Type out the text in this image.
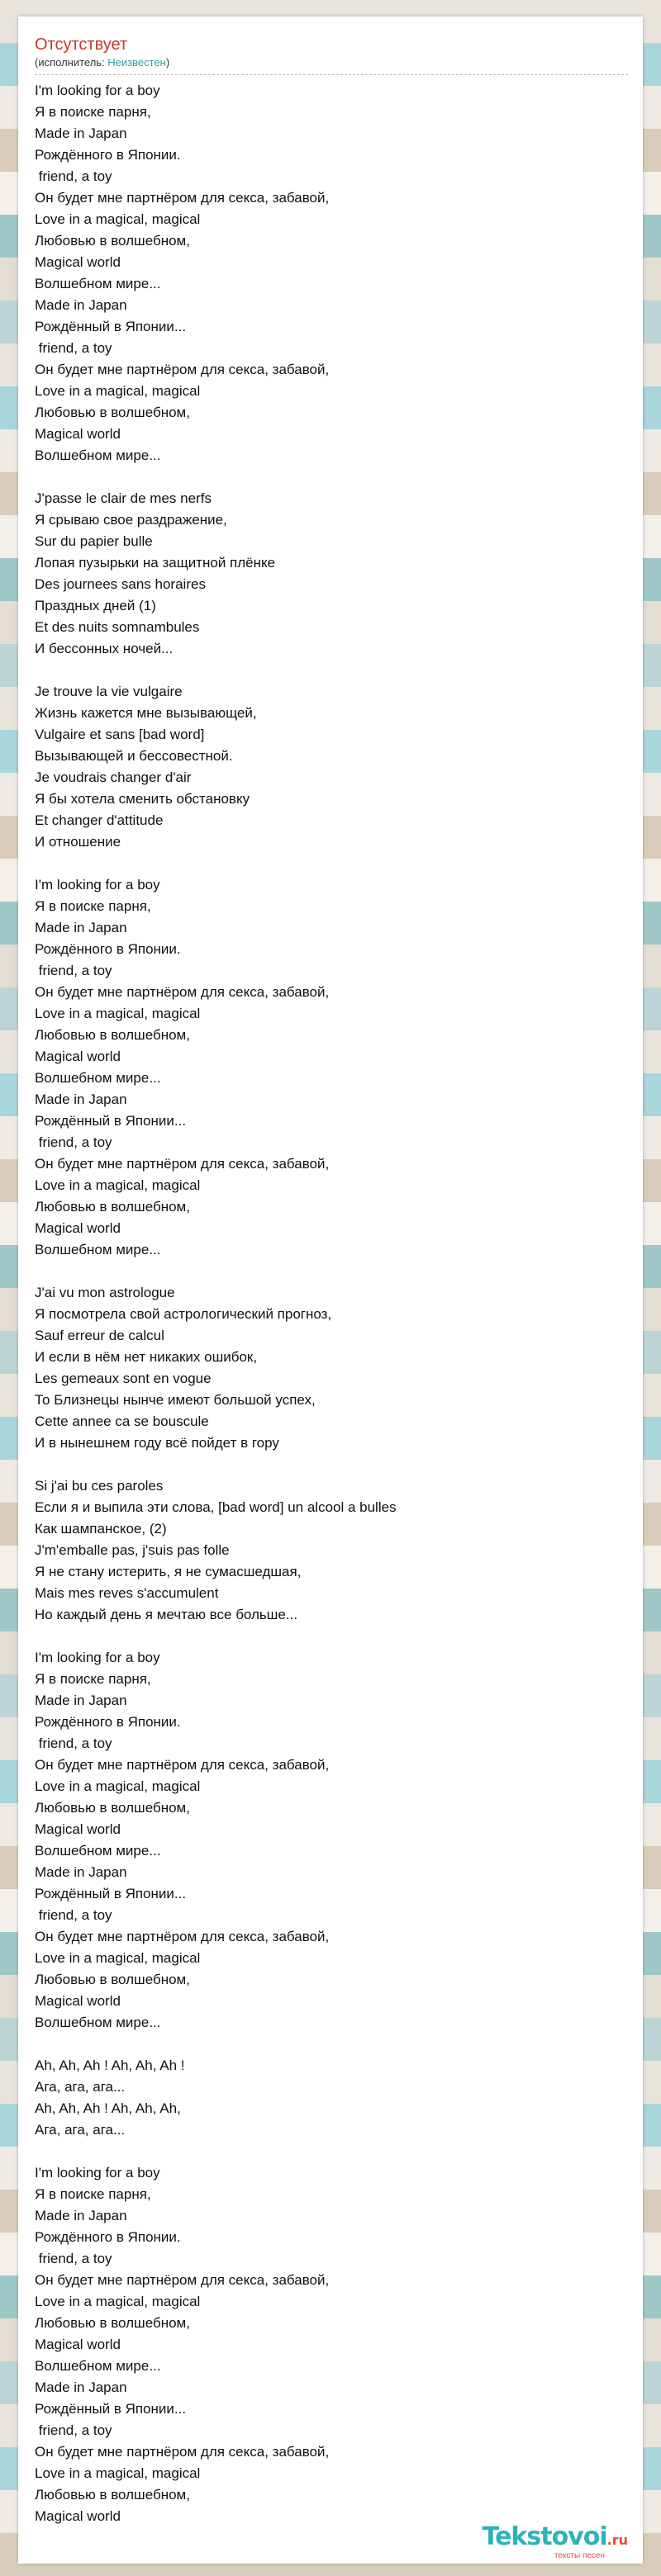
Отсутствует
(исполнитель: Неизвестен)
I'm looking for a boy
Я в поиске парня,
Made in Japan
Рождённого в Японии.
friend, a toy
Он будет мне партнёром для секса, забавой,
Love in a magical, magical
Любовью в волшебном,
Magical world
Волшебном мире...
Made in Japan
Рождённый в Японии...
friend, a toy
Он будет мне партнёром для секса, забавой,
Love in a magical, magical
Любовью в волшебном,
Magical world
Волшебном мире...
J'passe le clair de mes nerfs
Я срываю свое раздражение,
Sur du papier bulle
Лопая пузырьки на защитной плёнке
Des journees sans horaires
Праздных дней (1)
Et des nuits somnambules
И бессонных ночей...
Je trouve la vie vulgaire
Жизнь кажется мне вызывающей,
Vulgaire et sans [bad word]
Вызывающей и бессовестной.
Je voudrais changer d'air
Я бы хотела сменить обстановку
Et changer d'attitude
И отношение
I'm looking for a boy
Я в поиске парня,
Made in Japan
Рождённого в Японии.
friend, a toy
Он будет мне партнёром для секса, забавой,
Love in a magical, magical
Любовью в волшебном,
Magical world
Волшебном мире...
Made in Japan
Рождённый в Японии...
friend, a toy
Он будет мне партнёром для секса, забавой,
Love in a magical, magical
Любовью в волшебном,
Magical world
Волшебном мире...
J'ai vu mon astrologue
Я посмотрела свой астрологический прогноз,
Sauf erreur de calcul
И если в нём нет никаких ошибок,
Les gemeaux sont en vogue
То Близнецы нынче имеют большой успех,
Cette annee ca se bouscule
И в нынешнем году всё пойдет в гору
Si j'ai bu ces paroles
Если я и выпила эти слова, [bad word] un alcool a bulles
Как шампанское, (2)
J'm'emballe pas, j'suis pas folle
Я не стану истерить, я не сумасшедшая,
Mais mes reves s'accumulent
Но каждый день я мечтаю все больше...
I'm looking for a boy
Я в поиске парня,
Made in Japan
Рождённого в Японии.
friend, a toy
Он будет мне партнёром для секса, забавой,
Love in a magical, magical
Любовью в волшебном,
Magical world
Волшебном мире...
Made in Japan
Рождённый в Японии...
friend, a toy
Он будет мне партнёром для секса, забавой,
Love in a magical, magical
Любовью в волшебном,
Magical world
Волшебном мире...
Ah, Ah, Ah ! Ah, Ah, Ah !
Ага, ага, ага...
Ah, Ah, Ah ! Ah, Ah, Ah,
Ага, ага, ага...
I'm looking for a boy
Я в поиске парня,
Made in Japan
Рождённого в Японии.
friend, a toy
Он будет мне партнёром для секса, забавой,
Love in a magical, magical
Любовью в волшебном,
Magical world
Волшебном мире...
Made in Japan
Рождённый в Японии...
friend, a toy
Он будет мне партнёром для секса, забавой,
Love in a magical, magical
Любовью в волшебном,
Magical world
Tekstovoi.ru
тексты песен
